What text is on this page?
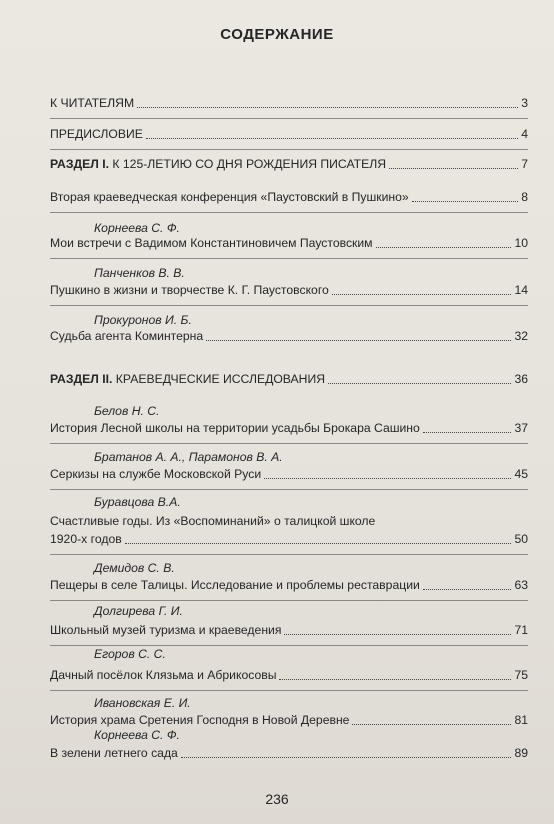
СОДЕРЖАНИЕ
К ЧИТАТЕЛЯМ	3
ПРЕДИСЛОВИЕ	4
РАЗДЕЛ I. К 125-ЛЕТИЮ СО ДНЯ РОЖДЕНИЯ ПИСАТЕЛЯ	7
Вторая краеведческая конференция «Паустовский в Пушкино»	8
Корнеева С. Ф.
Мои встречи с Вадимом Константиновичем Паустовским	10
Панченков В. В.
Пушкино в жизни и творчестве К. Г. Паустовского	14
Прокуронов И. Б.
Судьба агента Коминтерна	32
РАЗДЕЛ II. КРАЕВЕДЧЕСКИЕ ИССЛЕДОВАНИЯ	36
Белов Н. С.
История Лесной школы на территории усадьбы Брокара Сашино	37
Братанов А. А., Парамонов В. А.
Серкизы на службе Московской Руси	45
Буравцова В.А.
Счастливые годы. Из «Воспоминаний» о талицкой школе
1920-х годов	50
Демидов С. В.
Пещеры в селе Талицы. Исследование и проблемы реставрации	63
Долгирева Г. И.
Школьный музей туризма и краеведения	71
Егоров С. С.
Дачный посёлок Клязьма и Абрикосовы	75
Ивановская Е. И.
История храма Сретения Господня в Новой Деревне	81
Корнеева С. Ф.
В зелени летнего сада	89
236
